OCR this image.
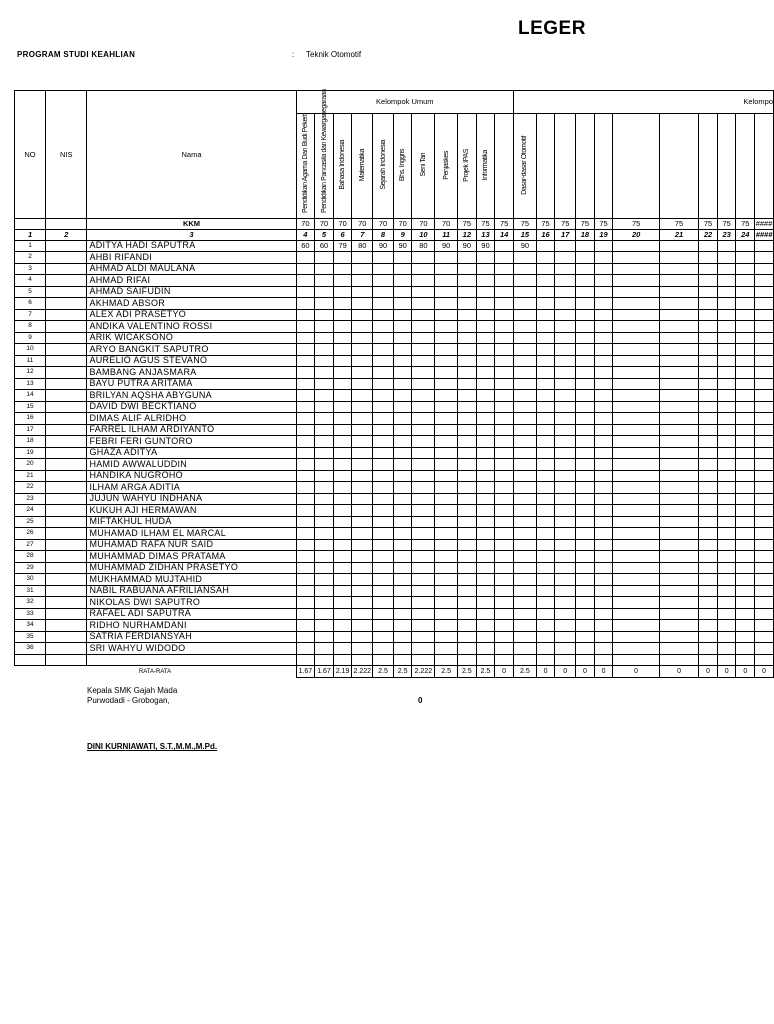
LEGER
PROGRAM STUDI KEAHLIAN	: Teknik Otomotif
NO	NIS	Nama	Kelompok Umum											Kelompo										
			Pendidikan Agama Dan Budi Pekerti	Pendidikan Pancasila dan Kewarganegaraan	Bahasa Indonesia	Matematika	Sejarah Indonesia	Bhs. Inggris	Seni Tari	Penjaskes	Projek IPAS	Informatika		Dasar-dasar Otomotif										
		KKM	70	70	70	70	70	70	70	70	75	75	75	75	75	75	75	75	75	75	75	75	75	####
1	2	3	4	5	6	7	8	9	10	11	12	13	14	15	16	17	18	19	20	21	22	23	24	####
1		ADITYA HADI SAPUTRA	60	60	79	80	90	90	80	90	90	90		90										
2		AHBI RIFANDI																						
3		AHMAD ALDI MAULANA																						
4		AHMAD RIFAI																						
5		AHMAD SAIFUDIN																						
6		AKHMAD ABSOR																						
7		ALEX ADI PRASETYO																						
8		ANDIKA VALENTINO ROSSI																						
9		ARIK WICAKSONO																						
10		ARYO BANGKIT SAPUTRO																						
11		AURELIO AGUS STEVANO																						
12		BAMBANG ANJASMARA																						
13		BAYU PUTRA ARITAMA																						
14		BRILYAN AQSHA ABYGUNA																						
15		DAVID DWI BECKTIANO																						
16		DIMAS ALIF ALRIDHO																						
17		FARREL ILHAM ARDIYANTO																						
18		FEBRI FERI GUNTORO																						
19		GHAZA ADITYA																						
20		HAMID AWWALUDDIN																						
21		HANDIKA NUGROHO																						
22		ILHAM ARGA ADITIA																						
23		JUJUN WAHYU INDHANA																						
24		KUKUH AJI HERMAWAN																						
25		MIFTAKHUL HUDA																						
26		MUHAMAD ILHAM EL MARCAL																						
27		MUHAMAD RAFA NUR SAID																						
28		MUHAMMAD DIMAS PRATAMA																						
29		MUHAMMAD ZIDHAN PRASETYO																						
30		MUKHAMMAD MUJTAHID																						
31		NABIL RABUANA AFRILIANSAH																						
32		NIKOLAS DWI SAPUTRO																						
33		RAFAEL ADI SAPUTRA																						
34		RIDHO NURHAMDANI																						
35		SATRIA FERDIANSYAH																						
36		SRI WAHYU WIDODO																						

RATA-RATA			1.67	1.67	2.19	2.222	2.5	2.5	2.222	2.5	2.5	2.5	0	2.5	0	0	0	0	0	0	0	0	0	0
Kepala SMK Gajah Mada
Purwodadi - Grobogan,	0
DINI KURNIAWATI, S.T.,M.M.,M.Pd.
